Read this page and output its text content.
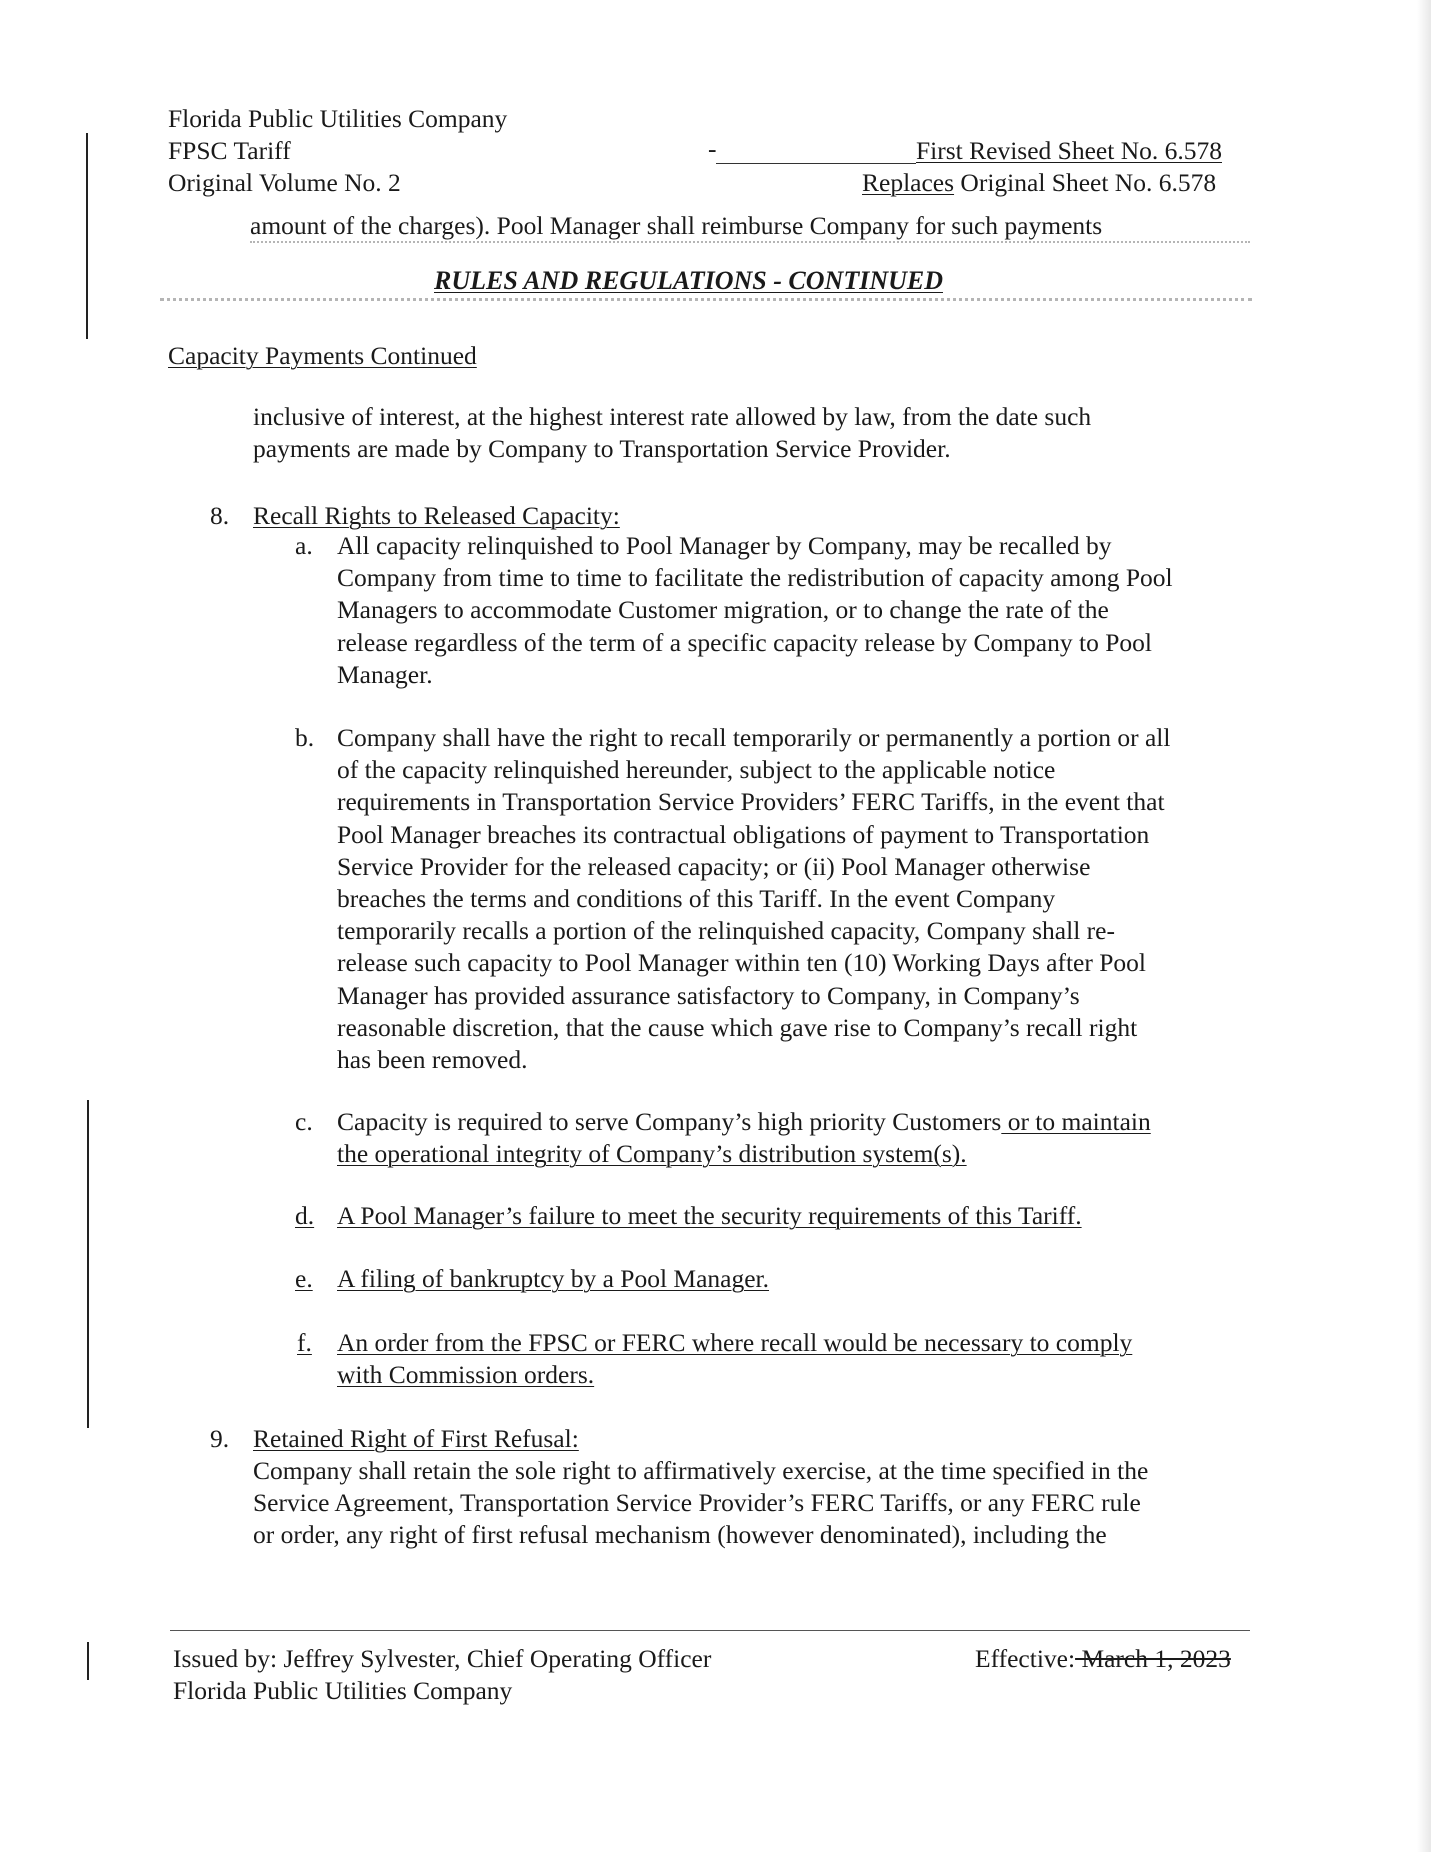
Florida Public Utilities Company
FPSC Tariff
Original Volume No. 2
-	First Revised Sheet No. 6.578
Replaces Original Sheet No. 6.578
amount of the charges). Pool Manager shall reimburse Company for such payments
RULES AND REGULATIONS - CONTINUED
Capacity Payments Continued
inclusive of interest, at the highest interest rate allowed by law, from the date such
payments are made by Company to Transportation Service Provider.
8. Recall Rights to Released Capacity:
a. All capacity relinquished to Pool Manager by Company, may be recalled by
Company from time to time to facilitate the redistribution of capacity among Pool
Managers to accommodate Customer migration, or to change the rate of the
release regardless of the term of a specific capacity release by Company to Pool
Manager.
b. Company shall have the right to recall temporarily or permanently a portion or all
of the capacity relinquished hereunder, subject to the applicable notice
requirements in Transportation Service Providers’ FERC Tariffs, in the event that
Pool Manager breaches its contractual obligations of payment to Transportation
Service Provider for the released capacity; or (ii) Pool Manager otherwise
breaches the terms and conditions of this Tariff. In the event Company
temporarily recalls a portion of the relinquished capacity, Company shall re-
release such capacity to Pool Manager within ten (10) Working Days after Pool
Manager has provided assurance satisfactory to Company, in Company’s
reasonable discretion, that the cause which gave rise to Company’s recall right
has been removed.
c. Capacity is required to serve Company’s high priority Customers or to maintain
the operational integrity of Company’s distribution system(s).
d. A Pool Manager’s failure to meet the security requirements of this Tariff.
e. A filing of bankruptcy by a Pool Manager.
f. An order from the FPSC or FERC where recall would be necessary to comply
with Commission orders.
9. Retained Right of First Refusal:
Company shall retain the sole right to affirmatively exercise, at the time specified in the
Service Agreement, Transportation Service Provider’s FERC Tariffs, or any FERC rule
or order, any right of first refusal mechanism (however denominated), including the
Issued by: Jeffrey Sylvester, Chief Operating Officer
Florida Public Utilities Company
Effective: March 1, 2023
